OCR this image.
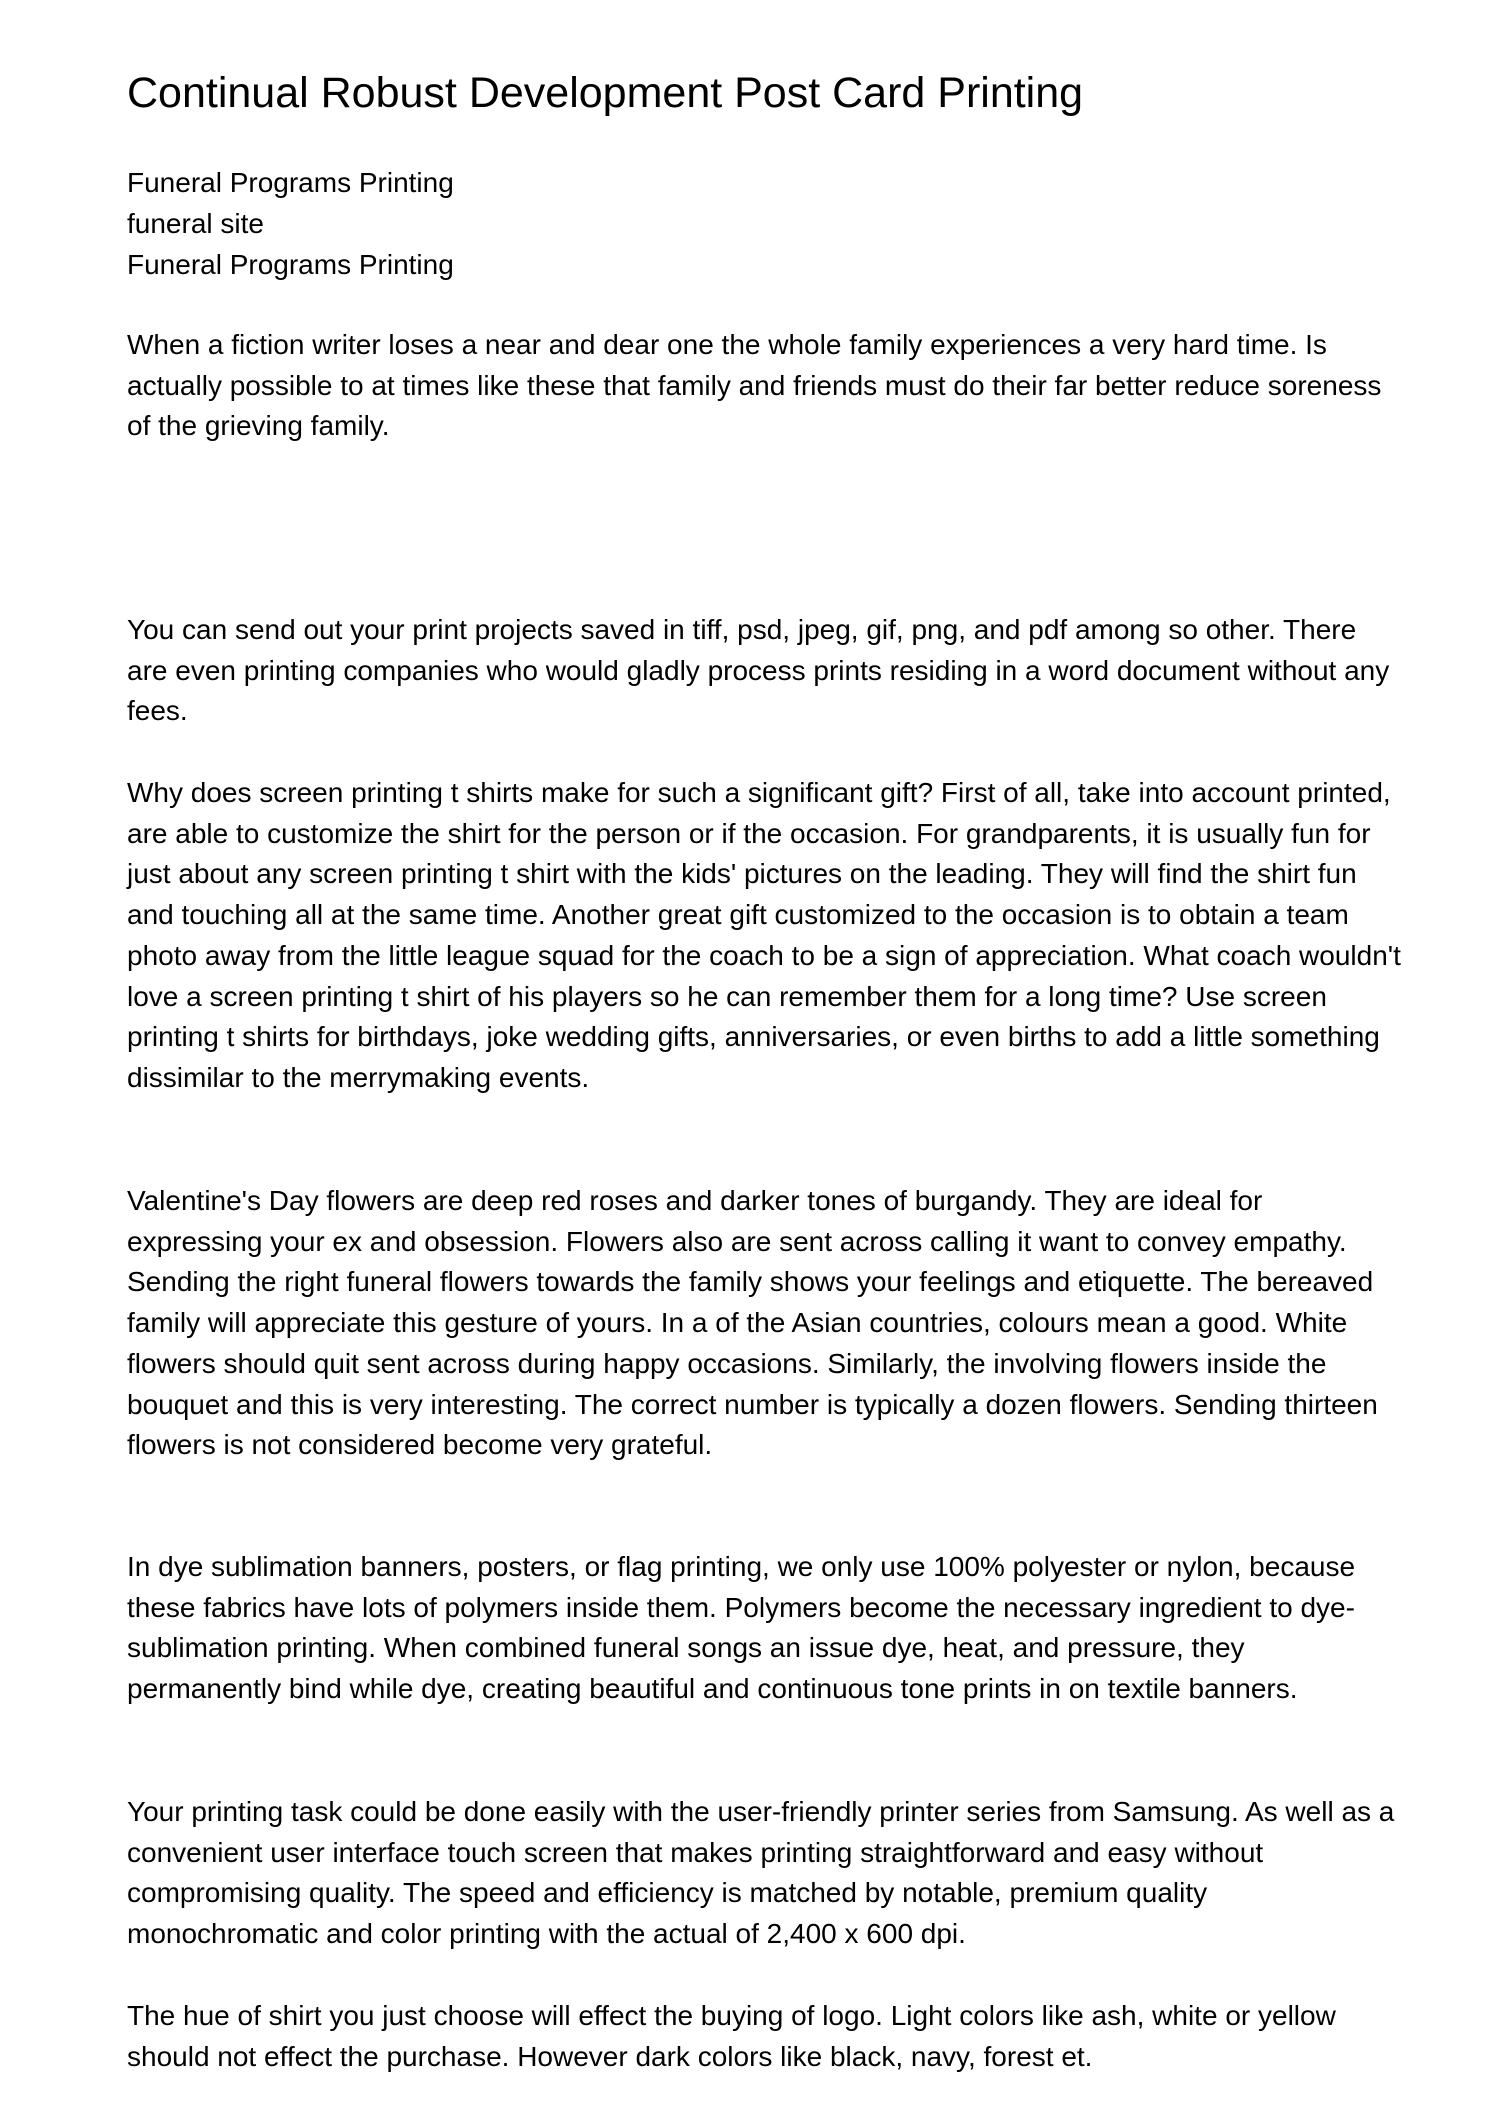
Continual Robust Development Post Card Printing
Funeral Programs Printing
funeral site
Funeral Programs Printing

When a fiction writer loses a near and dear one the whole family experiences a very hard time. Is actually possible to at times like these that family and friends must do their far better reduce soreness of the grieving family.

You can send out your print projects saved in tiff, psd, jpeg, gif, png, and pdf among so other. There are even printing companies who would gladly process prints residing in a word document without any fees.

Why does screen printing t shirts make for such a significant gift? First of all, take into account printed, are able to customize the shirt for the person or if the occasion. For grandparents, it is usually fun for just about any screen printing t shirt with the kids' pictures on the leading. They will find the shirt fun and touching all at the same time. Another great gift customized to the occasion is to obtain a team photo away from the little league squad for the coach to be a sign of appreciation. What coach wouldn't love a screen printing t shirt of his players so he can remember them for a long time? Use screen printing t shirts for birthdays, joke wedding gifts, anniversaries, or even births to add a little something dissimilar to the merrymaking events.

Valentine's Day flowers are deep red roses and darker tones of burgandy. They are ideal for expressing your ex and obsession. Flowers also are sent across calling it want to convey empathy. Sending the right funeral flowers towards the family shows your feelings and etiquette. The bereaved family will appreciate this gesture of yours. In a of the Asian countries, colours mean a good. White flowers should quit sent across during happy occasions. Similarly, the involving flowers inside the bouquet and this is very interesting. The correct number is typically a dozen flowers. Sending thirteen flowers is not considered become very grateful.

In dye sublimation banners, posters, or flag printing, we only use 100% polyester or nylon, because these fabrics have lots of polymers inside them. Polymers become the necessary ingredient to dye-sublimation printing. When combined funeral songs an issue dye, heat, and pressure, they permanently bind while dye, creating beautiful and continuous tone prints in on textile banners.

Your printing task could be done easily with the user-friendly printer series from Samsung. As well as a convenient user interface touch screen that makes printing straightforward and easy without compromising quality. The speed and efficiency is matched by notable, premium quality monochromatic and color printing with the actual of 2,400 x 600 dpi.

The hue of shirt you just choose will effect the buying of logo. Light colors like ash, white or yellow should not effect the purchase. However dark colors like black, navy, forest et.
